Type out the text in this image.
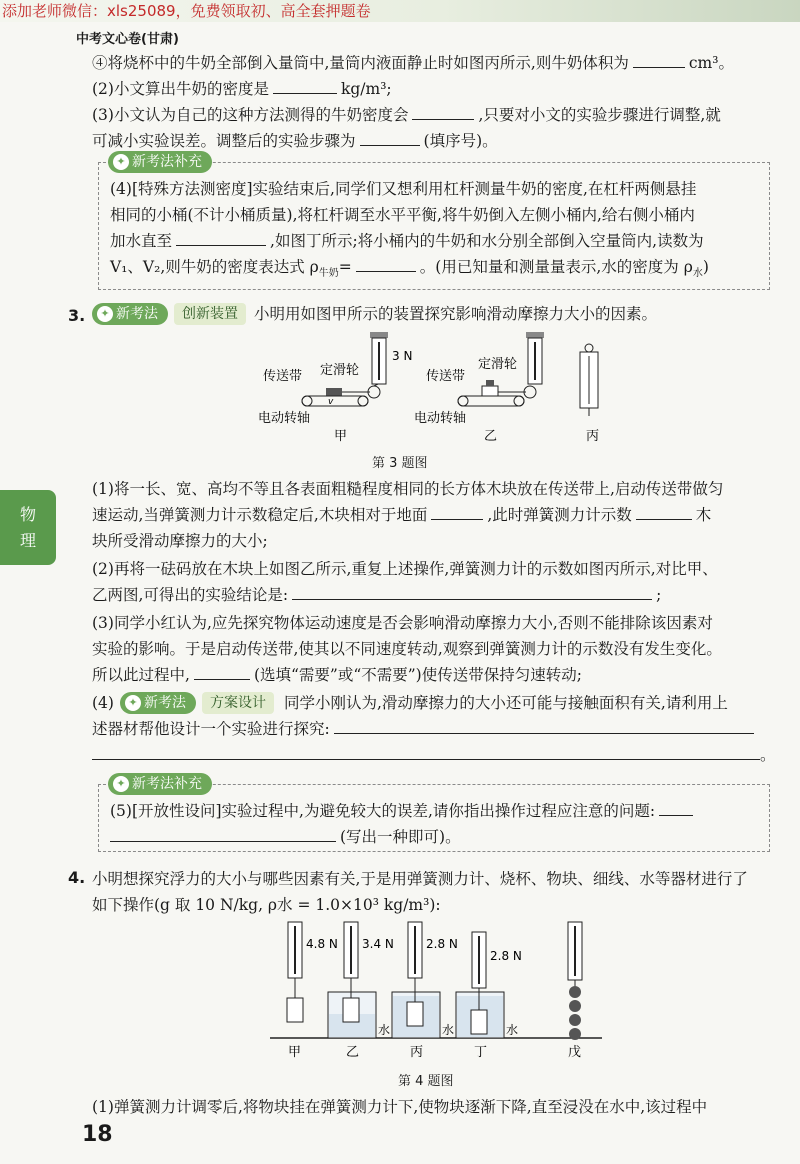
添加老师微信：xls25089，免费领取初、高全套押题卷
中考文心卷(甘肃)
物
理
④将烧杯中的牛奶全部倒入量筒中,量筒内液面静止时如图丙所示,则牛奶体积为	cm³。
(2)小文算出牛奶的密度是	kg/m³;
(3)小文认为自己的这种方法测得的牛奶密度会	,只要对小文的实验步骤进行调整,就
可减小实验误差。调整后的实验步骤为	(填序号)。
✦ 新考法补充
(4)[特殊方法测密度]实验结束后,同学们又想利用杠杆测量牛奶的密度,在杠杆两侧悬挂
相同的小桶(不计小桶质量),将杠杆调至水平平衡,将牛奶倒入左侧小桶内,给右侧小桶内
加水直至	,如图丁所示;将小桶内的牛奶和水分别全部倒入空量筒内,读数为
V₁、V₂,则牛奶的密度表达式 $\rho_{牛奶}=$	。(用已知量和测量量表示,水的密度为 $\rho_水$)
3.	✦ 新考法	创新装置	小明用如图甲所示的装置探究影响滑动摩擦力大小的因素。
3 N
v
传送带 定滑轮
电动转轴
甲
传送带
定滑轮
电动转轴
乙	丙
第 3 题图
(1)将一长、宽、高均不等且各表面粗糙程度相同的长方体木块放在传送带上,启动传送带做匀
速运动,当弹簧测力计示数稳定后,木块相对于地面	,此时弹簧测力计示数	木
块所受滑动摩擦力的大小;
(2)再将一砝码放在木块上如图乙所示,重复上述操作,弹簧测力计的示数如图丙所示,对比甲、
乙两图,可得出的实验结论是:	;
(3)同学小红认为,应先探究物体运动速度是否会影响滑动摩擦力大小,否则不能排除该因素对
实验的影响。于是启动传送带,使其以不同速度转动,观察到弹簧测力计的示数没有发生变化。
所以此过程中,	(选填“需要”或“不需要”)使传送带保持匀速转动;
(4)	✦ 新考法	方案设计	同学小刚认为,滑动摩擦力的大小还可能与接触面积有关,请利用上
述器材帮他设计一个实验进行探究:
。
✦ 新考法补充
(5)[开放性设问]实验过程中,为避免较大的误差,请你指出操作过程应注意的问题:
(写出一种即可)。
4. 小明想探究浮力的大小与哪些因素有关,于是用弹簧测力计、烧杯、物块、细线、水等器材进行了
如下操作(g 取 10 N/kg, ρ水 = 1.0×10³ kg/m³):
4.8 N
甲
3.4 N
水
乙
2.8 N
水
丙
2.8 N
水
丁	戊
第 4 题图
(1)弹簧测力计调零后,将物块挂在弹簧测力计下,使物块逐渐下降,直至浸没在水中,该过程中
18
